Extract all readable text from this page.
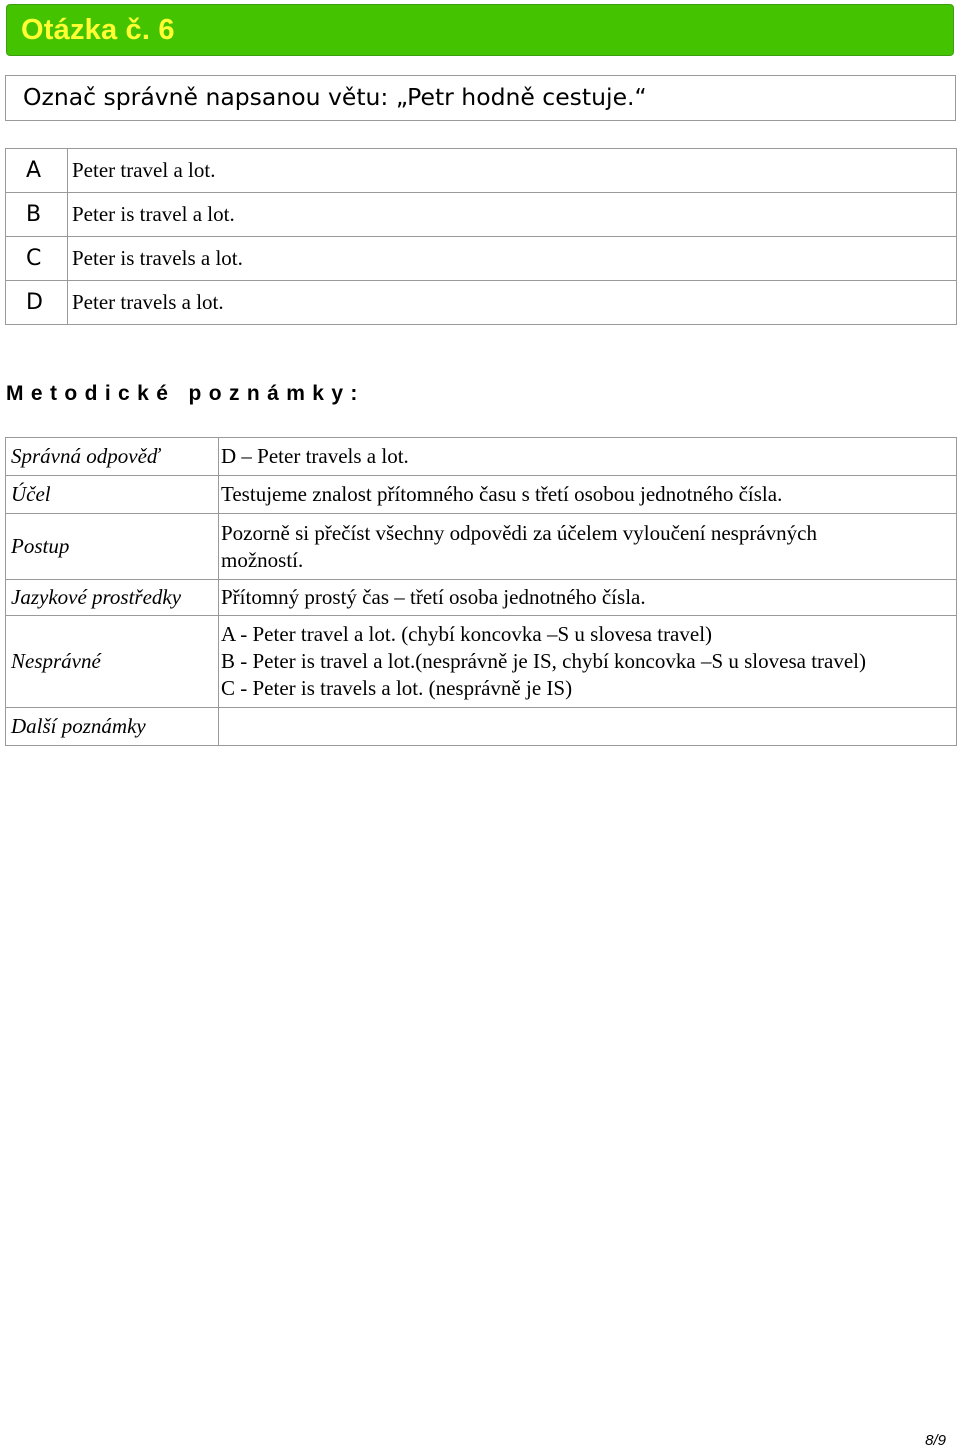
Otázka č. 6
Označ správně napsanou větu: „Petr hodně cestuje.“
A	Peter travel a lot.
B	Peter is travel a lot.
C	Peter is travels a lot.
D	Peter travels a lot.
Metodické poznámky:
Správná odpověď	D – Peter travels a lot.
Účel	Testujeme znalost přítomného času s třetí osobou jednotného čísla.
Postup	Pozorně si přečíst všechny odpovědi za účelem vyloučení nesprávných
možností.

Jazykové prostředky	Přítomný prostý čas – třetí osoba jednotného čísla.
Nesprávné	A - Peter travel a lot. (chybí koncovka –S u slovesa travel)
B - Peter is travel a lot.(nesprávně je IS, chybí koncovka –S u slovesa travel)
C - Peter is travels a lot. (nesprávně je IS)

Další poznámky	
8/9
